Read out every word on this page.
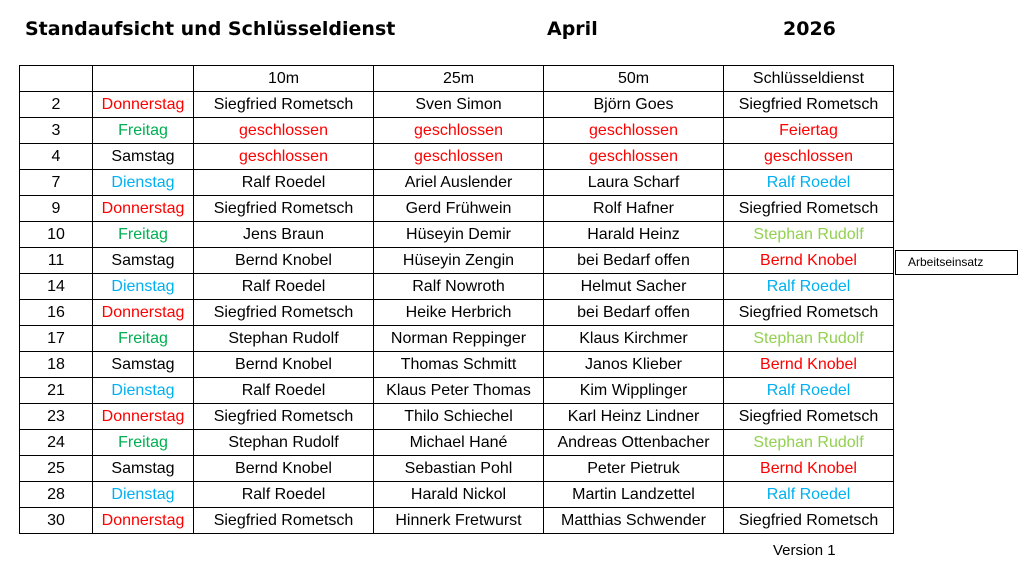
Standaufsicht und Schlüsseldienst	April	2026
		10m	25m	50m	Schlüsseldienst
2	Donnerstag	Siegfried Rometsch	Sven Simon	Björn Goes	Siegfried Rometsch
3	Freitag	geschlossen	geschlossen	geschlossen	Feiertag
4	Samstag	geschlossen	geschlossen	geschlossen	geschlossen
7	Dienstag	Ralf Roedel	Ariel Auslender	Laura Scharf	Ralf Roedel
9	Donnerstag	Siegfried Rometsch	Gerd Frühwein	Rolf Hafner	Siegfried Rometsch
10	Freitag	Jens Braun	Hüseyin Demir	Harald Heinz	Stephan Rudolf
11	Samstag	Bernd Knobel	Hüseyin Zengin	bei Bedarf offen	Bernd Knobel
14	Dienstag	Ralf Roedel	Ralf Nowroth	Helmut Sacher	Ralf Roedel
16	Donnerstag	Siegfried Rometsch	Heike Herbrich	bei Bedarf offen	Siegfried Rometsch
17	Freitag	Stephan Rudolf	Norman Reppinger	Klaus Kirchmer	Stephan Rudolf
18	Samstag	Bernd Knobel	Thomas Schmitt	Janos Klieber	Bernd Knobel
21	Dienstag	Ralf Roedel	Klaus Peter Thomas	Kim Wipplinger	Ralf Roedel
23	Donnerstag	Siegfried Rometsch	Thilo Schiechel	Karl Heinz Lindner	Siegfried Rometsch
24	Freitag	Stephan Rudolf	Michael Hané	Andreas Ottenbacher	Stephan Rudolf
25	Samstag	Bernd Knobel	Sebastian Pohl	Peter Pietruk	Bernd Knobel
28	Dienstag	Ralf Roedel	Harald Nickol	Martin Landzettel	Ralf Roedel
30	Donnerstag	Siegfried Rometsch	Hinnerk Fretwurst	Matthias Schwender	Siegfried Rometsch
Arbeitseinsatz
Version 1
